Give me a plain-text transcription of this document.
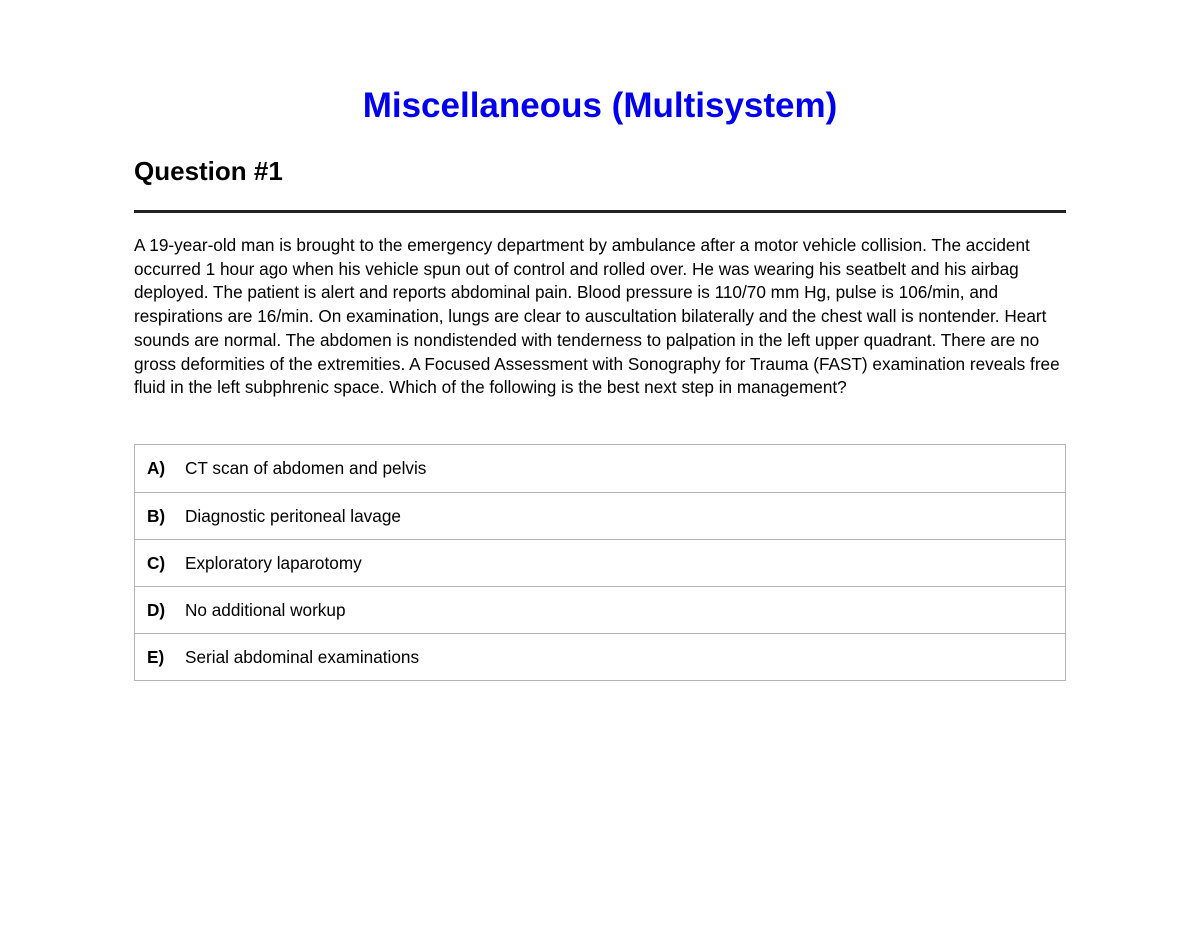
Miscellaneous (Multisystem)
Question #1

A 19-year-old man is brought to the emergency department by ambulance after a motor vehicle collision. The accident occurred 1 hour ago when his vehicle spun out of control and rolled over. He was wearing his seatbelt and his airbag deployed. The patient is alert and reports abdominal pain. Blood pressure is 110/70 mm Hg, pulse is 106/min, and respirations are 16/min. On examination, lungs are clear to auscultation bilaterally and the chest wall is nontender. Heart sounds are normal. The abdomen is nondistended with tenderness to palpation in the left upper quadrant. There are no gross deformities of the extremities. A Focused Assessment with Sonography for Trauma (FAST) examination reveals free fluid in the left subphrenic space. Which of the following is the best next step in management?

A)	CT scan of abdomen and pelvis
B)	Diagnostic peritoneal lavage
C)	Exploratory laparotomy
D)	No additional workup
E)	Serial abdominal examinations
